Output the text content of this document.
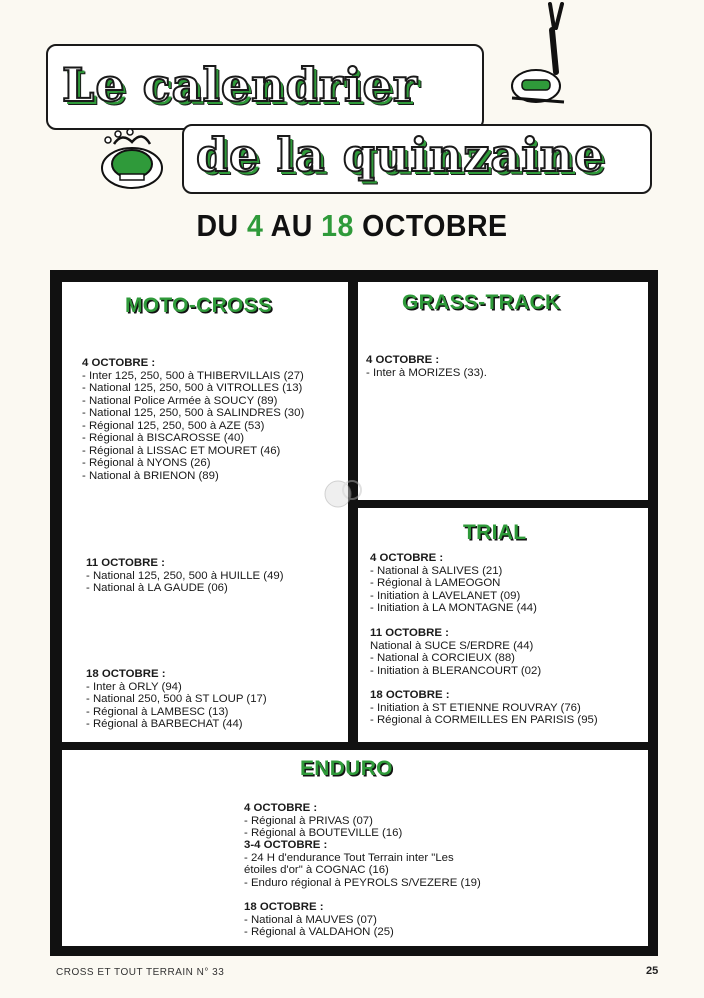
Le calendrier
de la quinzaine
DU 4 AU 18 OCTOBRE
MOTO-CROSS	GRASS-TRACK
TRIAL
ENDURO
4 OCTOBRE :
- Inter 125, 250, 500 à THIBERVILLAIS (27)
- National 125, 250, 500 à VITROLLES (13)
- National Police Armée à SOUCY (89)
- National 125, 250, 500 à SALINDRES (30)
- Régional 125, 250, 500 à AZE (53)
- Régional à BISCAROSSE (40)
- Régional à LISSAC ET MOURET (46)
- Régional à NYONS (26)
- National à BRIENON (89)
11 OCTOBRE :
- National 125, 250, 500 à HUILLE (49)
- National à LA GAUDE (06)
18 OCTOBRE :
- Inter à ORLY (94)
- National 250, 500 à ST LOUP (17)
- Régional à LAMBESC (13)
- Régional à BARBECHAT (44)
4 OCTOBRE :
- Inter à MORIZES (33).
4 OCTOBRE :
- National à SALIVES (21)
- Régional à LAMEOGON
- Initiation à LAVELANET (09)
- Initiation à LA MONTAGNE (44)
11 OCTOBRE :
National à SUCE S/ERDRE (44)
- National à CORCIEUX (88)
- Initiation à BLERANCOURT (02)
18 OCTOBRE :
- Initiation à ST ETIENNE ROUVRAY (76)
- Régional à CORMEILLES EN PARISIS (95)
4 OCTOBRE :
- Régional à PRIVAS (07)
- Régional à BOUTEVILLE (16)
3-4 OCTOBRE :
- 24 H d'endurance Tout Terrain inter "Les
étoiles d'or" à COGNAC (16)
- Enduro régional à PEYROLS S/VEZERE (19)
18 OCTOBRE :
- National à MAUVES (07)
- Régional à VALDAHON (25)
CROSS ET TOUT TERRAIN N° 33	25
